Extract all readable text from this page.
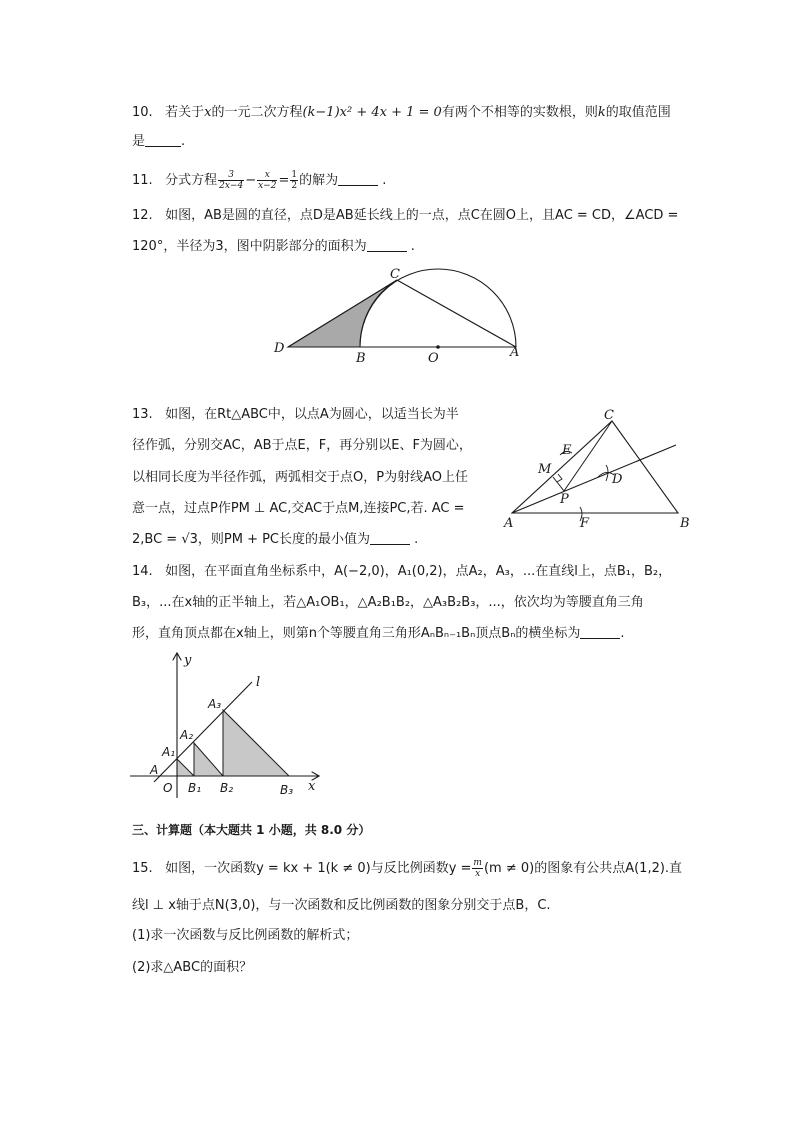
10. 若关于x的一元二次方程(k−1)x² + 4x + 1 = 0有两个不相等的实数根，则k的取值范围
是	.
11. 分式方程 $\frac{3}{2x-4} - \frac{x}{x-2} = \frac{1}{2}$ 的解为	.
12. 如图，AB是圆的直径，点D是AB延长线上的一点，点C在圆O上，且AC = CD，∠ACD =
120°，半径为3，图中阴影部分的面积为	.
C
D
B	O	A
13. 如图，在Rt△ABC中，以点A为圆心，以适当长为半
径作弧，分别交AC，AB于点E，F，再分别以E、F为圆心，
以相同长度为半径作弧，两弧相交于点O，P为射线AO上任
意一点，过点P作PM ⊥ AC,交AC于点M,连接PC,若. AC =
2,BC = √3，则PM + PC长度的最小值为	.
C
E
M
D
P
A	F	B
14. 如图，在平面直角坐标系中，A(−2,0)，A₁(0,2)，点A₂，A₃，...在直线l上，点B₁，B₂，
B₃，...在x轴的正半轴上，若△A₁OB₁，△A₂B₁B₂，△A₃B₂B₃，...，依次均为等腰直角三角
形，直角顶点都在x轴上，则第n个等腰直角三角形AₙBₙ₋₁Bₙ顶点Bₙ的横坐标为	.
y
l
x
A₃
A₂
A₁
A
O B₁ B₂	B₃
三、计算题（本大题共 1 小题，共 8.0 分）
15. 如图，一次函数y = kx + 1(k ≠ 0)与反比例函数$y = \frac{m}{x} (m \ne 0)$的图象有公共点A(1,2).直
线l ⊥ x轴于点N(3,0)，与一次函数和反比例函数的图象分别交于点B，C.
(1)求一次函数与反比例函数的解析式；
(2)求△ABC的面积？
